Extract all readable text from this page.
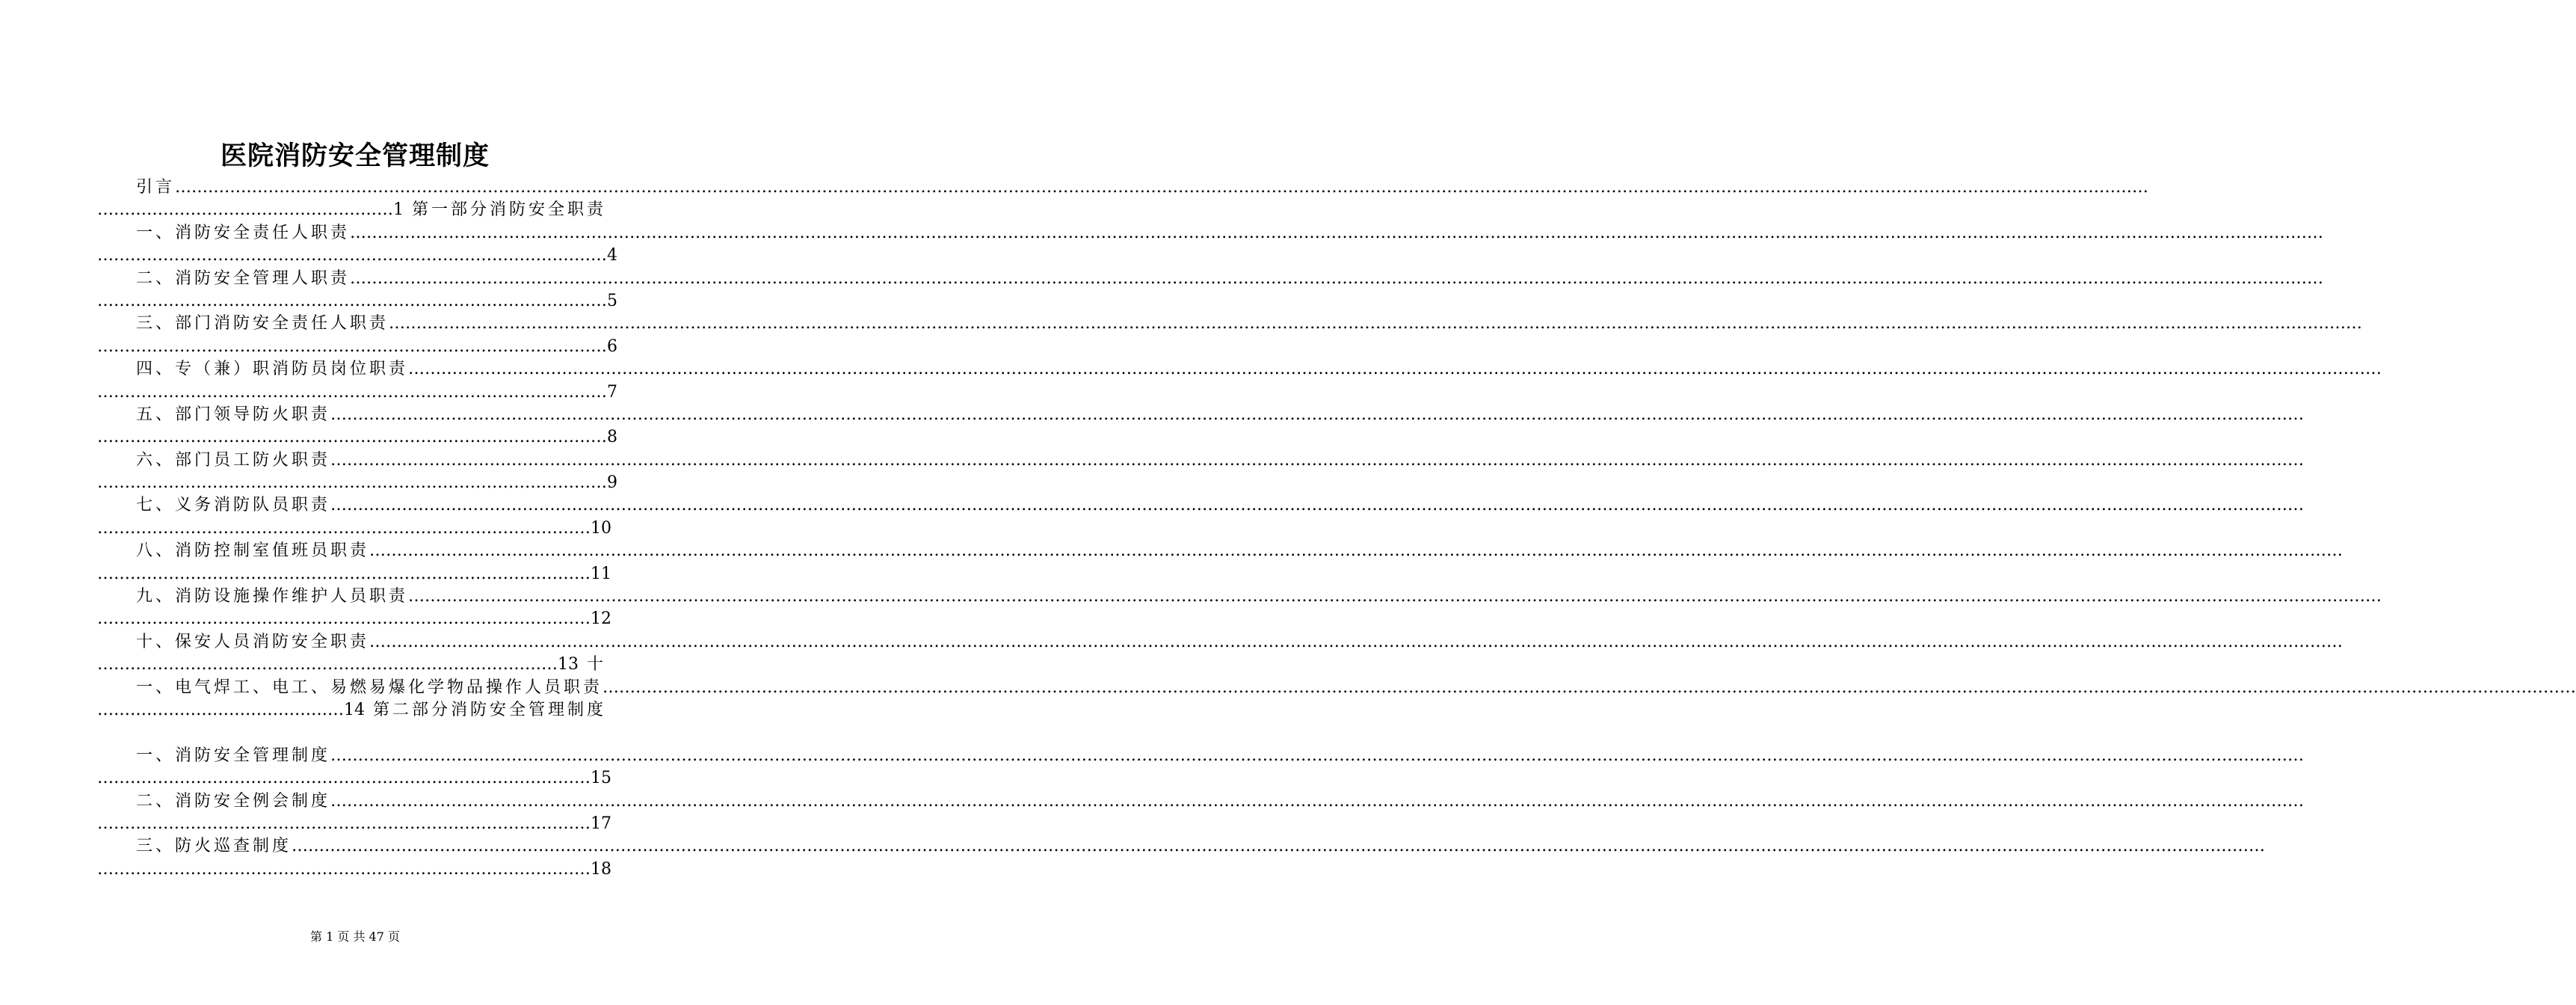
医院消防安全管理制度
引言 ………………………………………………………………………………………………………………………………………………………………………………………………………………………………………………………………………………………………………………………………
………………………………………………1 第一部分消防安全职责
一、消防安全责任人职责 ………………………………………………………………………………………………………………………………………………………………………………………………………………………………………………………………………………………………………………………………
…………………………………………………………………………………4
二、消防安全管理人职责 ………………………………………………………………………………………………………………………………………………………………………………………………………………………………………………………………………………………………………………………………
…………………………………………………………………………………5
三、部门消防安全责任人职责 ………………………………………………………………………………………………………………………………………………………………………………………………………………………………………………………………………………………………………………………………
…………………………………………………………………………………6
四、专（兼）职消防员岗位职责 ………………………………………………………………………………………………………………………………………………………………………………………………………………………………………………………………………………………………………………………………
…………………………………………………………………………………7
五、部门领导防火职责 ………………………………………………………………………………………………………………………………………………………………………………………………………………………………………………………………………………………………………………………………
…………………………………………………………………………………8
六、部门员工防火职责 ………………………………………………………………………………………………………………………………………………………………………………………………………………………………………………………………………………………………………………………………
…………………………………………………………………………………9
七、义务消防队员职责 ………………………………………………………………………………………………………………………………………………………………………………………………………………………………………………………………………………………………………………………………
………………………………………………………………………………10
八、消防控制室值班员职责 ………………………………………………………………………………………………………………………………………………………………………………………………………………………………………………………………………………………………………………………………
………………………………………………………………………………11
九、消防设施操作维护人员职责 ………………………………………………………………………………………………………………………………………………………………………………………………………………………………………………………………………………………………………………………………
………………………………………………………………………………12
十、保安人员消防安全职责 ………………………………………………………………………………………………………………………………………………………………………………………………………………………………………………………………………………………………………………………………
…………………………………………………………………………13 十
一、电气焊工、电工、易燃易爆化学物品操作人员职责 ………………………………………………………………………………………………………………………………………………………………………………………………………………………………………………………………………………………………………………………………
………………………………………14 第二部分消防安全管理制度
一、消防安全管理制度 ………………………………………………………………………………………………………………………………………………………………………………………………………………………………………………………………………………………………………………………………
………………………………………………………………………………15
二、消防安全例会制度 ………………………………………………………………………………………………………………………………………………………………………………………………………………………………………………………………………………………………………………………………
………………………………………………………………………………17
三、防火巡查制度 ………………………………………………………………………………………………………………………………………………………………………………………………………………………………………………………………………………………………………………………………
………………………………………………………………………………18
第 1 页 共 47 页
